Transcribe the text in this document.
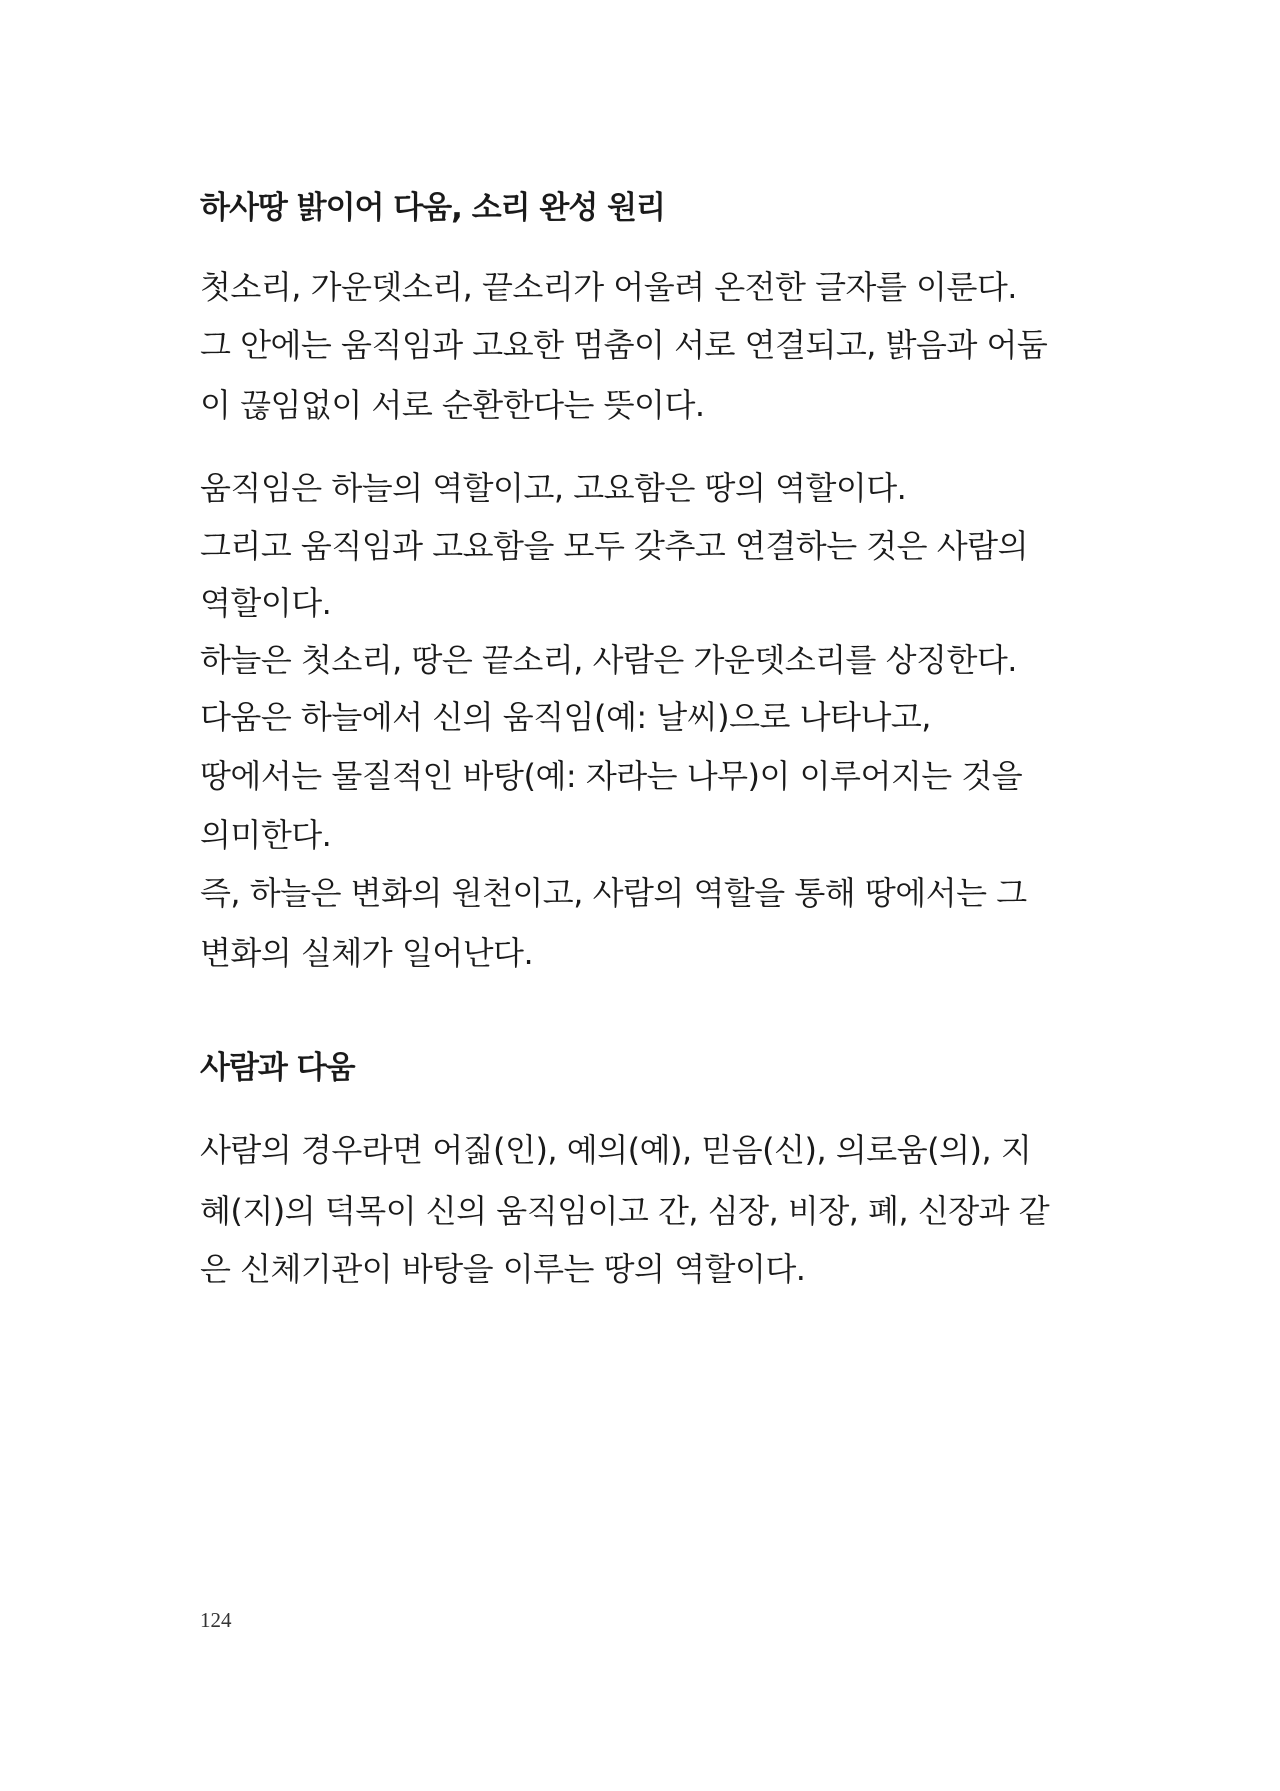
하사땅 밝이어 다움, 소리 완성 원리
첫소리, 가운뎃소리, 끝소리가 어울려 온전한 글자를 이룬다.
그 안에는 움직임과 고요한 멈춤이 서로 연결되고, 밝음과 어둠
이 끊임없이 서로 순환한다는 뜻이다.
움직임은 하늘의 역할이고, 고요함은 땅의 역할이다.
그리고 움직임과 고요함을 모두 갖추고 연결하는 것은 사람의
역할이다.
하늘은 첫소리, 땅은 끝소리, 사람은 가운뎃소리를 상징한다.
다움은 하늘에서 신의 움직임(예: 날씨)으로 나타나고,
땅에서는 물질적인 바탕(예: 자라는 나무)이 이루어지는 것을
의미한다.
즉, 하늘은 변화의 원천이고, 사람의 역할을 통해 땅에서는 그
변화의 실체가 일어난다.
사람과 다움
사람의 경우라면 어짊(인), 예의(예), 믿음(신), 의로움(의), 지
혜(지)의 덕목이 신의 움직임이고 간, 심장, 비장, 폐, 신장과 같
은 신체기관이 바탕을 이루는 땅의 역할이다.
124
